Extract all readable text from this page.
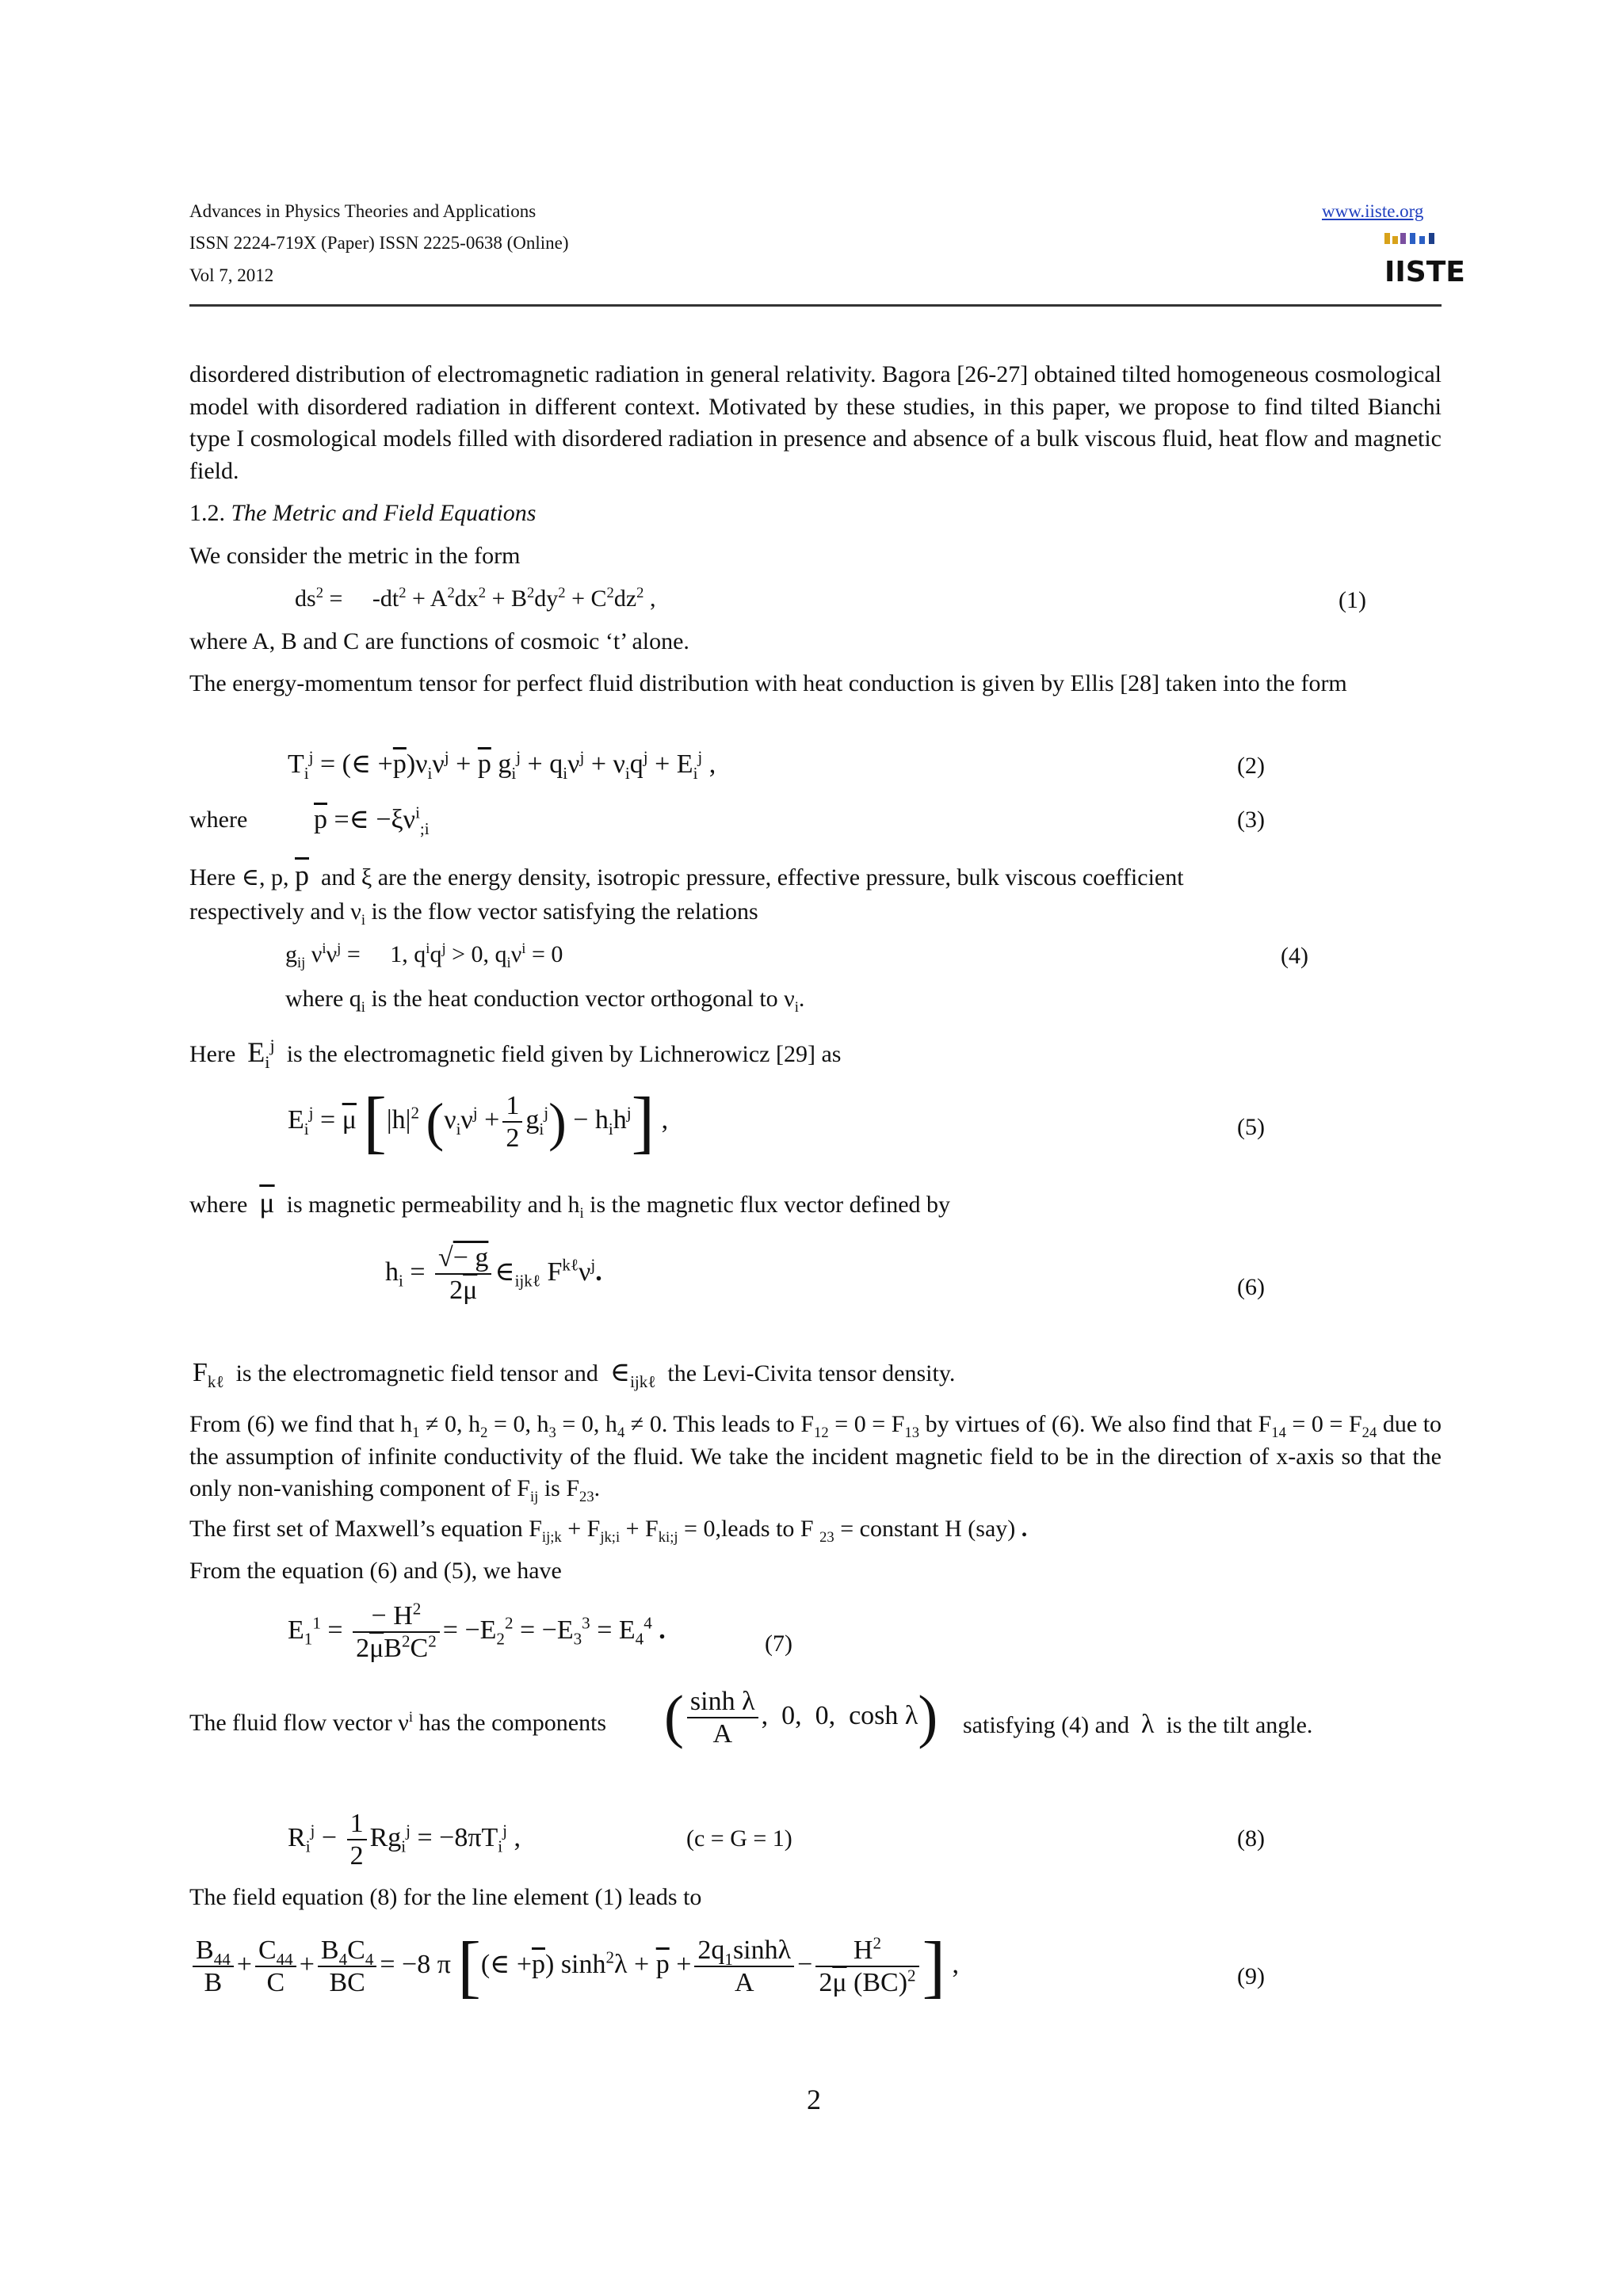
Advances in Physics Theories and Applications
ISSN 2224-719X (Paper) ISSN 2225-0638 (Online)
Vol 7, 2012
www.iiste.org
IISTE
disordered distribution of electromagnetic radiation in general relativity. Bagora [26-27] obtained tilted homogeneous cosmological model with disordered radiation in different context. Motivated by these studies, in this paper, we propose to find tilted Bianchi type I cosmological models filled with disordered radiation in presence and absence of a bulk viscous fluid, heat flow and magnetic field.
1.2. The Metric and Field Equations
We consider the metric in the form
$ds^2$ =     $-dt^2 + A^2dx^2 + B^2dy^2 + C^2dz^2$ ,	(1)
where A, B and C are functions of cosmoic ‘t’ alone.
The energy-momentum tensor for perfect fluid distribution with heat conduction is given by Ellis [28] taken into the form
$T_i^j$ = (∈ $+\overline{p})\nu_i\nu^j + \overline{p}$ $g_i^j + q_i\nu^j + \nu_iq^j + E_i^j$ ,	(2)
where $\overline{p}$ =∈ $-\xi\nu^i_{;i}$	(3)
Here ∈, p, $\overline{p}$ and ξ are the energy density, isotropic pressure, effective pressure, bulk viscous coefficient
respectively and $\nu_i$ is the flow vector satisfying the relations
$g_{ij}$ $\nu^i\nu^j$ =     1, $q^iq^j > 0$, $q_i\nu^i = 0$	(4)
where $q_i$ is the heat conduction vector orthogonal to $\nu_i$.
Here $E_i^j$ is the electromagnetic field given by Lichnerowicz [29] as
$E_i^j = \overline{\mu}$ [$|h|^2$ $(\nu_i\nu^j + \frac{1}{2} g_i^j) - h_ih^j$] ,	(5)
where $\overline{\mu}$ is magnetic permeability and $h_i$ is the magnetic flux vector defined by
$h_i = \frac{√- g}{2\overline{\mu}}$ $\in_{ijk\ell}$ $F^{k\ell}\nu^j$.
(6)
$F_{k\ell}$ is the electromagnetic field tensor and $\in_{ijk\ell}$ the Levi-Civita tensor density.
From (6) we find that $h_1 \ne 0$, $h_2 = 0$, $h_3 = 0$, $h_4 \ne 0$. This leads to $F_{12} = 0 = F_{13}$ by virtues of (6). We also find that $F_{14} = 0 = F_{24}$ due to the assumption of infinite conductivity of the fluid. We take the incident magnetic field to be in the direction of x-axis so that the only non-vanishing component of $F_{ij}$ is $F_{23}$.
The first set of Maxwell’s equation $F_{ij;k} + F_{jk;i} + F_{ki;j}$ = 0,leads to F $_{23}$ = constant H (say) .
From the equation (6) and (5), we have
$E_1^1 = \frac{- H^2}{2\overline{\mu}B^2C^2} = -E_2^2 = -E_3^3 = E_4^4$ .	(7)
The fluid flow vector $\nu^i$ has the components ( $\frac{\text{sinh λ}}{A}$ ,  0,  0,  cosh λ) satisfying (4) and λ is the tilt angle.
$R_i^j - \frac{1}{2} Rg_i^j = -8\pi T_i^j$ ,	(c = G = 1)	(8)
The field equation (8) for the line element (1) leads to
$\frac{B_{44}}{B} + \frac{C_{44}}{C} + \frac{B_4C_4}{BC} = -8$ π [(∈ $+\overline{p}$) $\sinh^2\lambda + \overline{p} + \frac{2q_1\sinh\lambda}{A} - \frac{H^2}{2\overline{\mu} (BC)^2}$ ] ,	(9)
2
